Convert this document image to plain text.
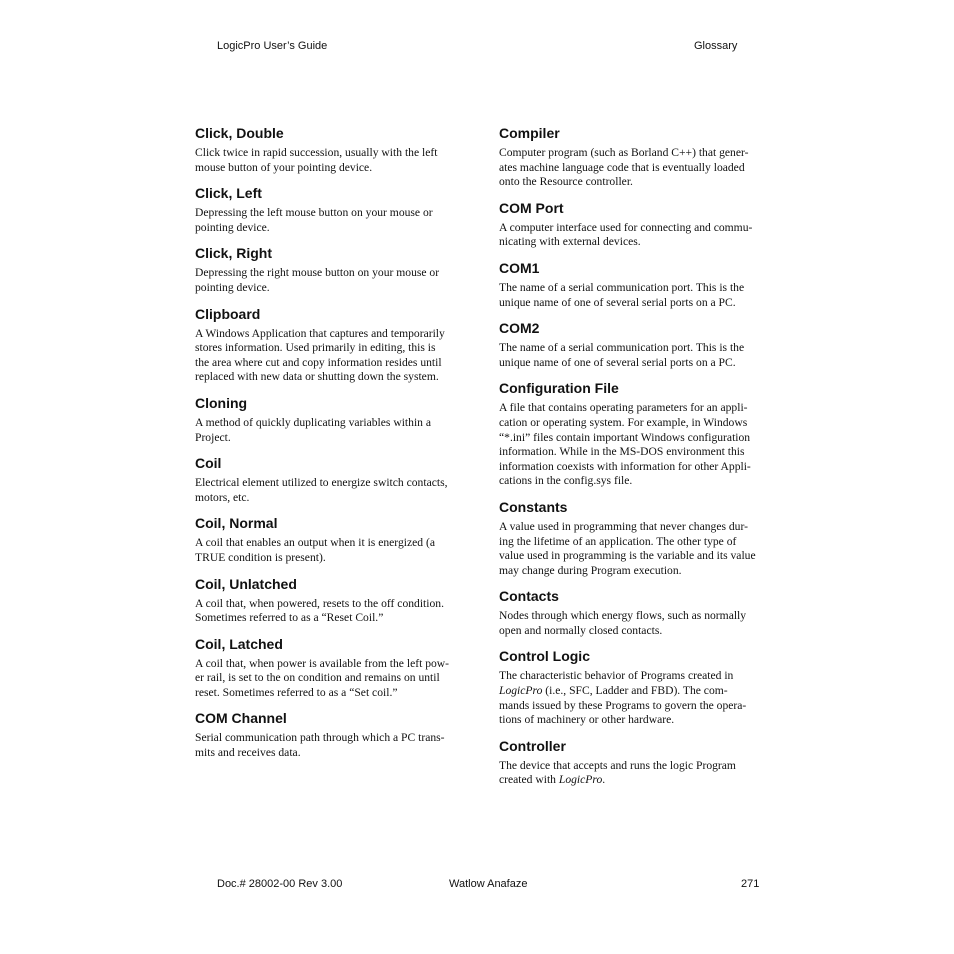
LogicPro User’s Guide	Glossary
Click, Double
Click twice in rapid succession, usually with the left
mouse button of your pointing device.
Click, Left
Depressing the left mouse button on your mouse or
pointing device.
Click, Right
Depressing the right mouse button on your mouse or
pointing device.
Clipboard
A Windows Application that captures and temporarily
stores information. Used primarily in editing, this is
the area where cut and copy information resides until
replaced with new data or shutting down the system.
Cloning
A method of quickly duplicating variables within a
Project.
Coil
Electrical element utilized to energize switch contacts,
motors, etc.
Coil, Normal
A coil that enables an output when it is energized (a
TRUE condition is present).
Coil, Unlatched
A coil that, when powered, resets to the off condition.
Sometimes referred to as a “Reset Coil.”
Coil, Latched
A coil that, when power is available from the left pow-
er rail, is set to the on condition and remains on until
reset. Sometimes referred to as a “Set coil.”
COM Channel
Serial communication path through which a PC trans-
mits and receives data.
Compiler
Computer program (such as Borland C++) that gener-
ates machine language code that is eventually loaded
onto the Resource controller.
COM Port
A computer interface used for connecting and commu-
nicating with external devices.
COM1
The name of a serial communication port. This is the
unique name of one of several serial ports on a PC.
COM2
The name of a serial communication port. This is the
unique name of one of several serial ports on a PC.
Configuration File
A file that contains operating parameters for an appli-
cation or operating system. For example, in Windows
“*.ini” files contain important Windows configuration
information. While in the MS-DOS environment this
information coexists with information for other Appli-
cations in the config.sys file.
Constants
A value used in programming that never changes dur-
ing the lifetime of an application. The other type of
value used in programming is the variable and its value
may change during Program execution.
Contacts
Nodes through which energy flows, such as normally
open and normally closed contacts.
Control Logic
The characteristic behavior of Programs created in
LogicPro (i.e., SFC, Ladder and FBD). The com-
mands issued by these Programs to govern the opera-
tions of machinery or other hardware.
Controller
The device that accepts and runs the logic Program
created with LogicPro.
Doc.# 28002-00 Rev 3.00	Watlow Anafaze	271
